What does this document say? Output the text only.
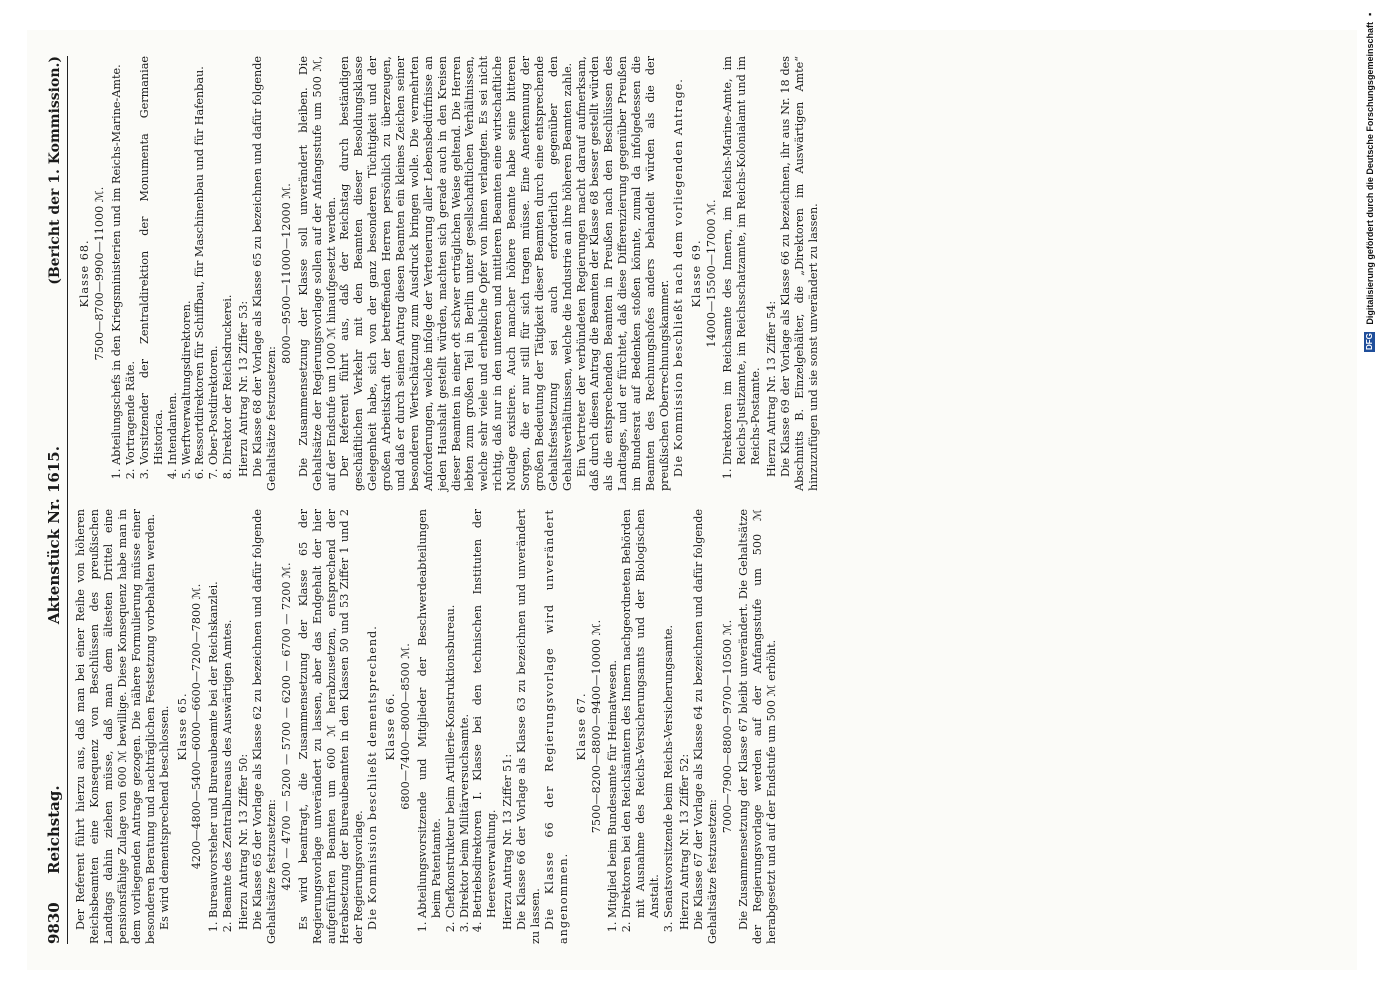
9830
Reichstag.
Aktenstück Nr. 1615.
(Bericht der 1. Kommission.)

Der Referent führt hierzu aus, daß man bei einer Reihe von höheren Reichsbeamten eine Konsequenz von Beschlüssen des preußischen Landtags dahin ziehen müsse, daß man dem ältesten Drittel eine pensionsfähige Zulage von 600 ℳ bewillige. Diese Konsequenz habe man in dem vorliegenden Antrage gezogen. Die nähere Formulierung müsse einer besonderen Beratung und nachträglichen Festsetzung vorbehalten werden. Es wird dementsprechend beschlossen. Klasse 65. 4200—4800—5400—6000—6600—7200—7800 ℳ. 1. Bureauvorsteher und Bureaubeamte bei der Reichskanzlei. 2. Beamte des Zentralbureaus des Auswärtigen Amtes. Hierzu Antrag Nr. 13 Ziffer 50: Die Klasse 65 der Vorlage als Klasse 62 zu bezeichnen und dafür folgende Gehaltsätze festzusetzen: 4200 — 4700 — 5200 — 5700 — 6200 — 6700 — 7200 ℳ. Es wird beantragt, die Zusammensetzung der Klasse 65 der Regierungsvorlage unverändert zu lassen, aber das Endgehalt der hier aufgeführten Beamten um 600 ℳ herabzusetzen, entsprechend der Herabsetzung der Bureaubeamten in den Klassen 50 und 53 Ziffer 1 und 2 der Regierungsvorlage. Die Kommission beschließt dementsprechend. Klasse 66. 6800—7400—8000—8500 ℳ. 1. Abteilungsvorsitzende und Mitglieder der Beschwerdeabteilungen beim Patentamte. 2. Chefkonstrukteur beim Artillerie-Konstruktionsbureau. 3. Direktor beim Militärversuchsamte. 4. Betriebsdirektoren I. Klasse bei den technischen Instituten der Heeresverwaltung. Hierzu Antrag Nr. 13 Ziffer 51: Die Klasse 66 der Vorlage als Klasse 63 zu bezeichnen und unverändert zu lassen. Die Klasse 66 der Regierungsvorlage wird unverändert angenommen.

Klasse 67. 7500—8200—8800—9400—10000 ℳ. 1. Mitglied beim Bundesamte für Heimatwesen. 2. Direktoren bei den Reichsämtern des Innern nachgeordneten Behörden mit Ausnahme des Reichs-Versicherungsamts und der Biologischen Anstalt. 3. Senatsvorsitzende beim Reichs-Versicherungsamte. Hierzu Antrag Nr. 13 Ziffer 52: Die Klasse 67 der Vorlage als Klasse 64 zu bezeichnen und dafür folgende Gehaltsätze festzusetzen:

7000—7900—8800—9700—10500 ℳ. Die Zusammensetzung der Klasse 67 bleibt unverändert. Die Gehaltsätze der Regierungsvorlage werden auf der Anfangsstufe um 500 ℳ herabgesetzt und auf der Endstufe um 500 ℳ erhöht.

Klasse 68. 7500—8700—9900—11000 ℳ. 1. Abteilungschefs in den Kriegsministerien und im Reichs-Marine-Amte. 2. Vortragende Räte. 3. Vorsitzender der Zentraldirektion der Monumenta Germaniae Historica. 4. Intendanten. 5. Werftverwaltungsdirektoren. 6. Ressortdirektoren für Schiffbau, für Maschinenbau und für Hafenbau. 7. Ober-Postdirektoren. 8. Direktor der Reichsdruckerei. Hierzu Antrag Nr. 13 Ziffer 53: Die Klasse 68 der Vorlage als Klasse 65 zu bezeichnen und dafür folgende Gehaltsätze festzusetzen:

8000—9500—11000—12000 ℳ. Die Zusammensetzung der Klasse soll unverändert bleiben. Die Gehaltsätze der Regierungsvorlage sollen auf der Anfangsstufe um 500 ℳ, auf der Endstufe um 1000 ℳ hinaufgesetzt werden. Der Referent führt aus, daß der Reichstag durch beständigen geschäftlichen Verkehr mit den Beamten dieser Besoldungsklasse Gelegenheit habe, sich von der ganz besonderen Tüchtigkeit und der großen Arbeitskraft der betreffenden Herren persönlich zu überzeugen, und daß er durch seinen Antrag diesen Beamten ein kleines Zeichen seiner besonderen Wertschätzung zum Ausdruck bringen wolle. Die vermehrten Anforderungen, welche infolge der Verteuerung aller Lebensbedürfnisse an jeden Haushalt gestellt würden, machten sich gerade auch in den Kreisen dieser Beamten in einer oft schwer erträglichen Weise geltend. Die Herren lebten zum großen Teil in Berlin unter gesellschaftlichen Verhältnissen, welche sehr viele und erhebliche Opfer von ihnen verlangten. Es sei nicht richtig, daß nur in den unteren und mittleren Beamten eine wirtschaftliche Notlage existiere. Auch mancher höhere Beamte habe seine bitteren Sorgen, die er nur still für sich tragen müsse. Eine Anerkennung der großen Bedeutung der Tätigkeit dieser Beamten durch eine entsprechende Gehaltsfestsetzung sei auch erforderlich gegenüber den Gehaltsverhältnissen, welche die Industrie an ihre höheren Beamten zahle. Ein Vertreter der verbündeten Regierungen macht darauf aufmerksam, daß durch diesen Antrag die Beamten der Klasse 68 besser gestellt würden als die entsprechenden Beamten in Preußen nach den Beschlüssen des Landtages, und er fürchtet, daß diese Differenzierung gegenüber Preußen im Bundesrat auf Bedenken stoßen könnte, zumal da infolgedessen die Beamten des Rechnungshofes anders behandelt würden als die der preußischen Oberrechnungskammer. Die Kommission beschließt nach dem vorliegenden Antrage. Klasse 69. 14000—15500—17000 ℳ. 1. Direktoren im Reichsamte des Innern, im Reichs-Marine-Amte, im Reichs-Justizamte, im Reichsschatzamte, im Reichs-Kolonialamt und im Reichs-Postamte. Hierzu Antrag Nr. 13 Ziffer 54: Die Klasse 69 der Vorlage als Klasse 66 zu bezeichnen, ihr aus Nr. 18 des Abschnitts B. Einzelgehälter, die „Direktoren im Auswärtigen Amte“ hinzuzufügen und sie sonst unverändert zu lassen.	DFG Digitalisierung gefördert durch die Deutsche Forschungsgemeinschaft ▪
